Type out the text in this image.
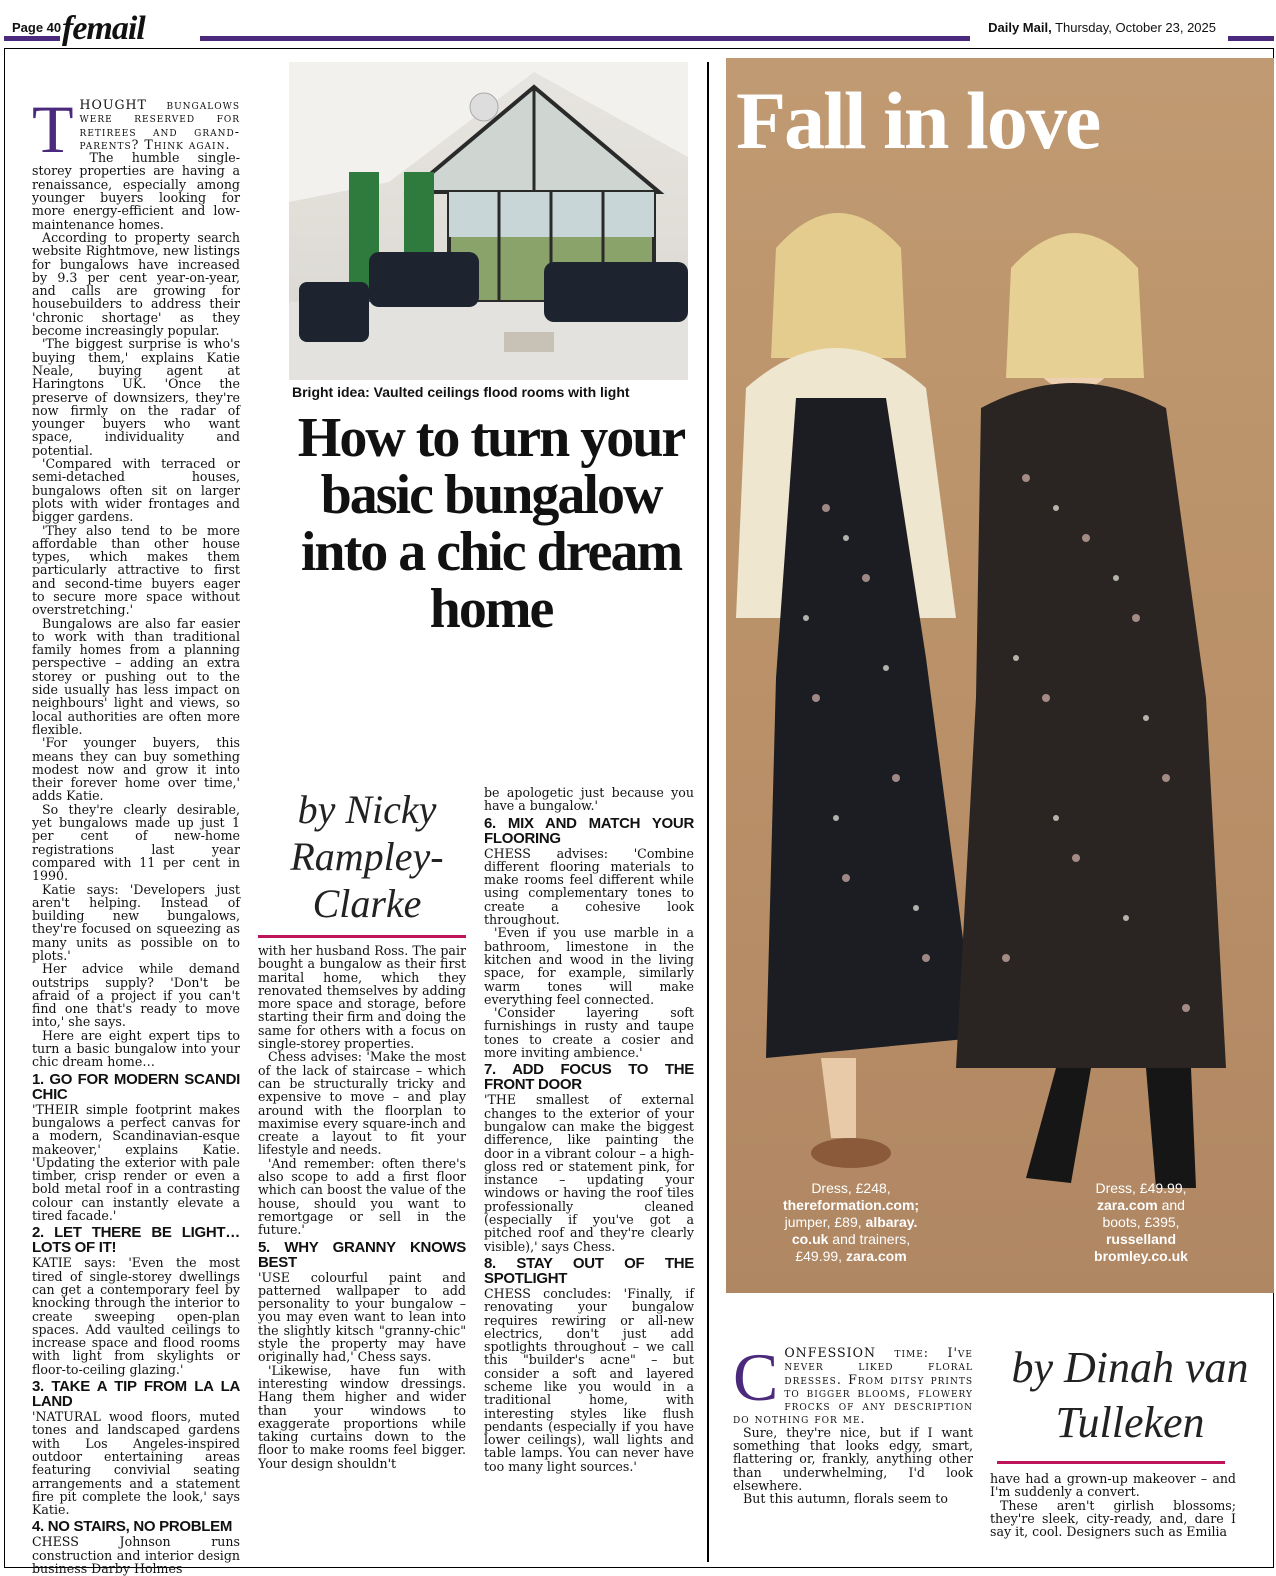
Page 40 femail	Daily Mail, Thursday, October 23, 2025
Bright idea: Vaulted ceilings flood rooms with light
How to turn your basic bungalow into a chic dream home

THOUGHT bungalows were reserved for retirees and grand-parents? Think again.

The humble single-storey properties are having a renaissance, especially among younger buyers looking for more energy-efficient and low-maintenance homes.

According to property search website Rightmove, new listings for bungalows have increased by 9.3 per cent year-on-year, and calls are growing for housebuilders to address their 'chronic shortage' as they become increasingly popular.

'The biggest surprise is who's buying them,' explains Katie Neale, buying agent at Haringtons UK. 'Once the preserve of downsizers, they're now firmly on the radar of younger buyers who want space, individuality and potential.

'Compared with terraced or semi-detached houses, bungalows often sit on larger plots with wider frontages and bigger gardens.

'They also tend to be more affordable than other house types, which makes them particularly attractive to first and second-time buyers eager to secure more space without overstretching.'

Bungalows are also far easier to work with than traditional family homes from a planning perspective – adding an extra storey or pushing out to the side usually has less impact on neighbours' light and views, so local authorities are often more flexible.

'For younger buyers, this means they can buy something modest now and grow it into their forever home over time,' adds Katie.

So they're clearly desirable, yet bungalows made up just 1 per cent of new-home registrations last year compared with 11 per cent in 1990.

Katie says: 'Developers just aren't helping. Instead of building new bungalows, they're focused on squeezing as many units as possible on to plots.'

Her advice while demand outstrips supply? 'Don't be afraid of a project if you can't find one that's ready to move into,' she says.

Here are eight expert tips to turn a basic bungalow into your chic dream home…

1. GO FOR MODERN SCANDI CHIC

'THEIR simple footprint makes bungalows a perfect canvas for a modern, Scandinavian-esque makeover,' explains Katie. 'Updating the exterior with pale timber, crisp render or even a bold metal roof in a contrasting colour can instantly elevate a tired facade.'

2. LET THERE BE LIGHT… LOTS OF IT!

KATIE says: 'Even the most tired of single-storey dwellings can get a contemporary feel by knocking through the interior to create sweeping open-plan spaces. Add vaulted ceilings to increase space and flood rooms with light from skylights or floor-to-ceiling glazing.'

3. TAKE A TIP FROM LA LA LAND

'NATURAL wood floors, muted tones and landscaped gardens with Los Angeles-inspired outdoor entertaining areas featuring convivial seating arrangements and a statement fire pit complete the look,' says Katie.

4. NO STAIRS, NO PROBLEM

CHESS Johnson runs construction and interior design business Darby Holmes

by Nicky Rampley-Clarke

with her husband Ross. The pair bought a bungalow as their first marital home, which they renovated themselves by adding more space and storage, before starting their firm and doing the same for others with a focus on single-storey properties.

Chess advises: 'Make the most of the lack of staircase – which can be structurally tricky and expensive to move – and play around with the floorplan to maximise every square-inch and create a layout to fit your lifestyle and needs.

'And remember: often there's also scope to add a first floor which can boost the value of the house, should you want to remortgage or sell in the future.'

5. WHY GRANNY KNOWS BEST

'USE colourful paint and patterned wallpaper to add personality to your bungalow – you may even want to lean into the slightly kitsch "granny-chic" style the property may have originally had,' Chess says.

'Likewise, have fun with interesting window dressings. Hang them higher and wider than your windows to exaggerate proportions while taking curtains down to the floor to make rooms feel bigger. Your design shouldn't

be apologetic just because you have a bungalow.'

6. MIX AND MATCH YOUR FLOORING

CHESS advises: 'Combine different flooring materials to make rooms feel different while using complementary tones to create a cohesive look throughout.

'Even if you use marble in a bathroom, limestone in the kitchen and wood in the living space, for example, similarly warm tones will make everything feel connected.

'Consider layering soft furnishings in rusty and taupe tones to create a cosier and more inviting ambience.'

7. ADD FOCUS TO THE FRONT DOOR

'THE smallest of external changes to the exterior of your bungalow can make the biggest difference, like painting the door in a vibrant colour – a high-gloss red or statement pink, for instance – updating your windows or having the roof tiles professionally cleaned (especially if you've got a pitched roof and they're clearly visible),' says Chess.

8. STAY OUT OF THE SPOTLIGHT

CHESS concludes: 'Finally, if renovating your bungalow requires rewiring or all-new electrics, don't just add spotlights throughout – we call this "builder's acne" – but consider a soft and layered scheme like you would in a traditional home, with interesting styles like flush pendants (especially if you have lower ceilings), wall lights and table lamps. You can never have too many light sources.'

Fall in love
Dress, £248,
thereformation.com;
jumper, £89, albaray.
co.uk and trainers,
£49.99, zara.com
Dress, £49.99,
zara.com and
boots, £395,
russelland
bromley.co.uk

CONFESSION time: I've never liked floral dresses. From ditsy prints to bigger blooms, flowery frocks of any description do nothing for me.

Sure, they're nice, but if I want something that looks edgy, smart, flattering or, frankly, anything other than underwhelming, I'd look elsewhere.

But this autumn, florals seem to

by Dinah van Tulleken

have had a grown-up makeover – and I'm suddenly a convert.

These aren't girlish blossoms; they're sleek, city-ready, and, dare I say it, cool. Designers such as Emilia
